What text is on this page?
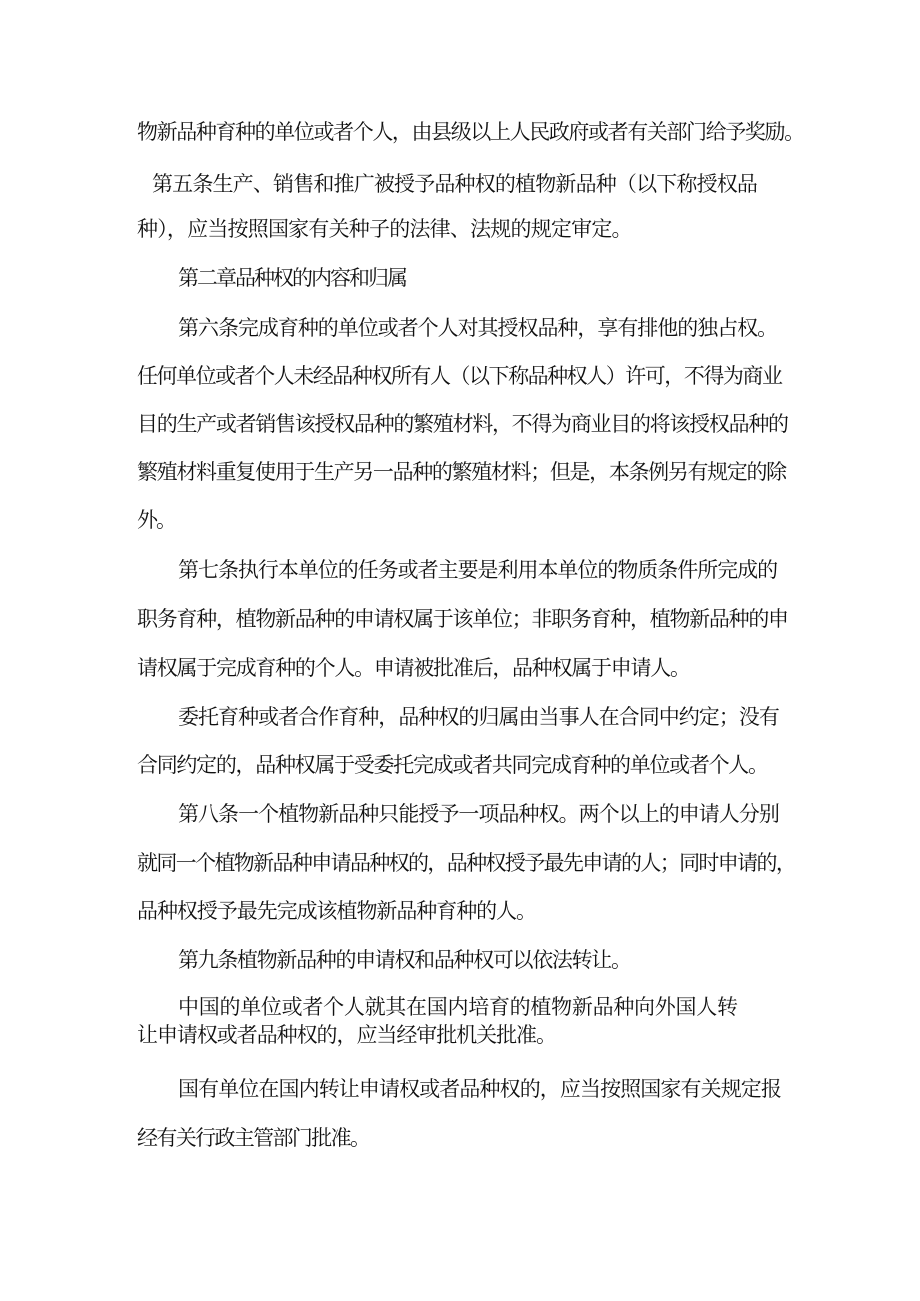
物新品种育种的单位或者个人，由县级以上人民政府或者有关部门给予奖励。
第五条生产、销售和推广被授予品种权的植物新品种（以下称授权品
种），应当按照国家有关种子的法律、法规的规定审定。
第二章品种权的内容和归属
第六条完成育种的单位或者个人对其授权品种，享有排他的独占权。
任何单位或者个人未经品种权所有人（以下称品种权人）许可，不得为商业
目的生产或者销售该授权品种的繁殖材料，不得为商业目的将该授权品种的
繁殖材料重复使用于生产另一品种的繁殖材料；但是，本条例另有规定的除
外。
第七条执行本单位的任务或者主要是利用本单位的物质条件所完成的
职务育种，植物新品种的申请权属于该单位；非职务育种，植物新品种的申
请权属于完成育种的个人。申请被批准后，品种权属于申请人。
委托育种或者合作育种，品种权的归属由当事人在合同中约定；没有
合同约定的，品种权属于受委托完成或者共同完成育种的单位或者个人。
第八条一个植物新品种只能授予一项品种权。两个以上的申请人分别
就同一个植物新品种申请品种权的，品种权授予最先申请的人；同时申请的，
品种权授予最先完成该植物新品种育种的人。
第九条植物新品种的申请权和品种权可以依法转让。
中国的单位或者个人就其在国内培育的植物新品种向外国人转
让申请权或者品种权的，应当经审批机关批准。
国有单位在国内转让申请权或者品种权的，应当按照国家有关规定报
经有关行政主管部门批准。
